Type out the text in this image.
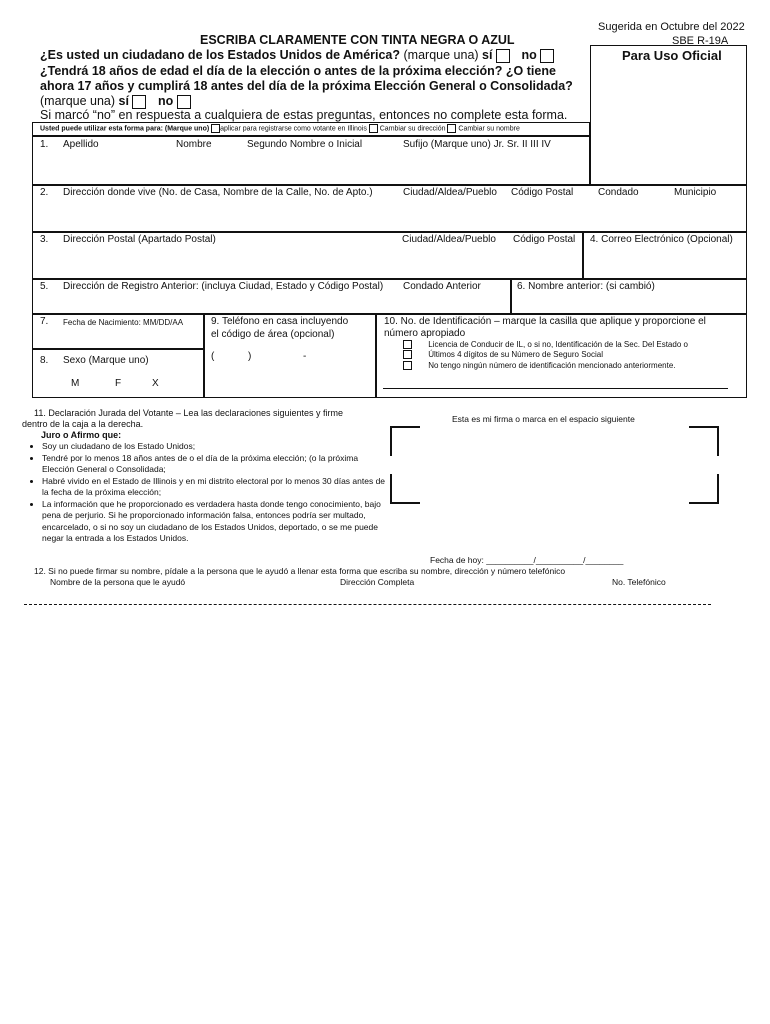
Sugerida en Octubre del 2022
SBE R-19A
ESCRIBA CLARAMENTE CON TINTA NEGRA O AZUL
Para Uso Oficial
¿Es usted un ciudadano de los Estados Unidos de América? (marque una) sí no
¿Tendrá 18 años de edad el día de la elección o antes de la próxima elección? ¿O tiene
ahora 17 años y cumplirá 18 antes del día de la próxima Elección General o Consolidada?
(marque una) sí no
Si marcó “no” en respuesta a cualquiera de estas preguntas, entonces no complete esta forma.
Usted puede utilizar esta forma para: (Marque uno) aplicar para registrarse como votante en Illinois Cambiar su dirección Cambiar su nombre
1. Apellido	Nombre	Segundo Nombre o Inicial	Sufijo (Marque uno) Jr. Sr. II III IV
2. Dirección donde vive (No. de Casa, Nombre de la Calle, No. de Apto.)	Ciudad/Aldea/Pueblo Código Postal Condado	Municipio
3. Dirección Postal (Apartado Postal)	Ciudad/Aldea/Pueblo Código Postal 4. Correo Electrónico (Opcional)
5. Dirección de Registro Anterior: (incluya Ciudad, Estado y Código Postal) Condado Anterior	6. Nombre anterior: (si cambió)
7. Fecha de Nacimiento: MM/DD/AA	9. Teléfono en casa incluyendo
el código de área (opcional)
(	)	-
8. Sexo (Marque uno)
M	F	X
10. No. de Identificación – marque la casilla que aplique y proporcione el
número apropiado
Licencia de Conducir de IL, o si no, Identificación de la Sec. Del Estado o
Últimos 4 dígitos de su Número de Seguro Social
No tengo ningún número de identificación mencionado anteriormente.
11. Declaración Jurada del Votante – Lea las declaraciones siguientes y firme
dentro de la caja a la derecha.
Juro o Afirmo que:
• Soy un ciudadano de los Estado Unidos;
• Tendré por lo menos 18 años antes de o el día de la próxima elección; (o la próxima Elección General o Consolidada;
• Habré vivido en el Estado de Illinois y en mi distrito electoral por lo menos 30 días antes de la fecha de la próxima elección;
• La información que he proporcionado es verdadera hasta donde tengo conocimiento, bajo pena de perjurio. Si he proporcionado información falsa, entonces podría ser multado, encarcelado, o si no soy un ciudadano de los Estados Unidos, deportado, o se me puede negar la entrada a los Estados Unidos.
Esta es mi firma o marca en el espacio siguiente
Fecha de hoy: __________/__________/________
12. Si no puede firmar su nombre, pídale a la persona que le ayudó a llenar esta forma que escriba su nombre, dirección y número telefónico
Nombre de la persona que le ayudó	Dirección Completa	No. Telefónico
